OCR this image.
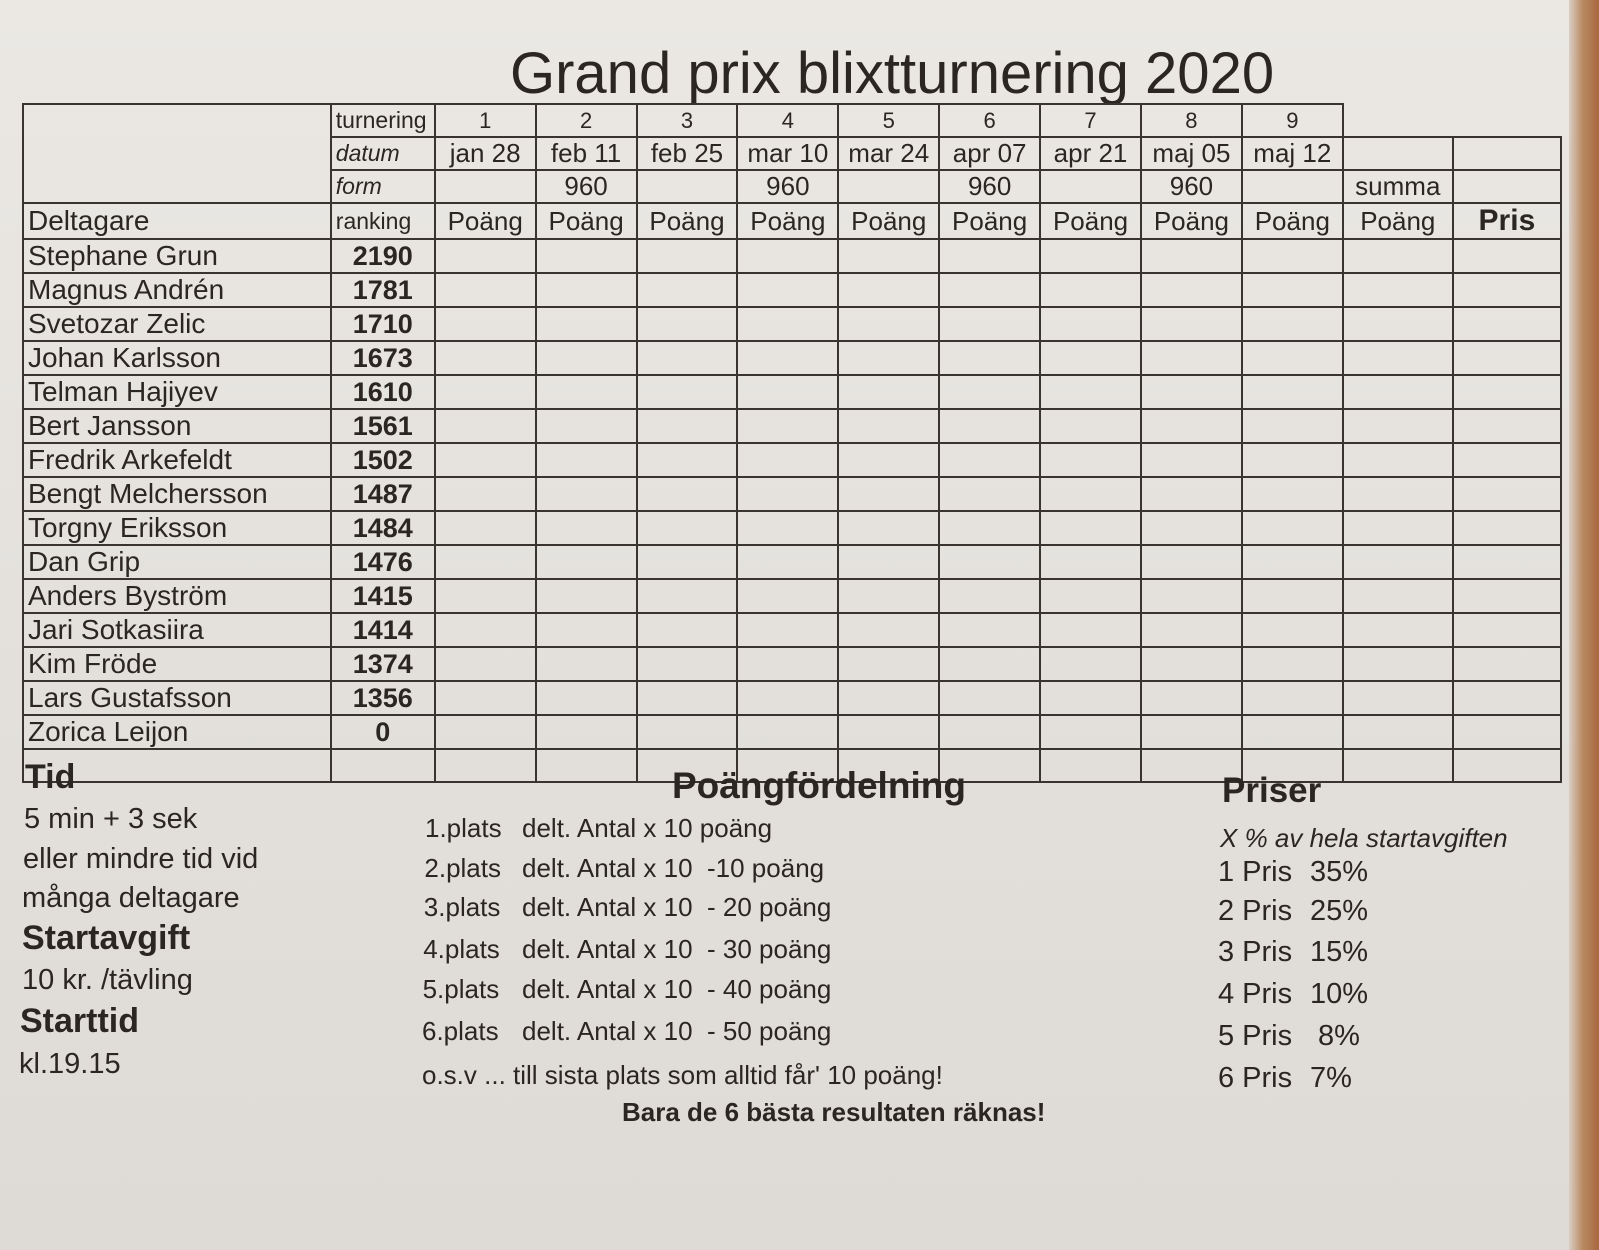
Grand prix blixtturnering 2020
	turnering	1	2	3	4	5	6	7	8	9		
	datum	jan 28	feb 11	feb 25	mar 10	mar 24	apr 07	apr 21	maj 05	maj 12		
	form		960		960		960		960		summa	
Deltagare	ranking	Poäng	Poäng	Poäng	Poäng	Poäng	Poäng	Poäng	Poäng	Poäng	Poäng	Pris
Stephane Grun	2190											
Magnus Andrén	1781											
Svetozar Zelic	1710											
Johan Karlsson	1673											
Telman Hajiyev	1610											
Bert Jansson	1561											
Fredrik Arkefeldt	1502											
Bengt Melchersson	1487											
Torgny Eriksson	1484											
Dan Grip	1476											
Anders Byström	1415											
Jari Sotkasiira	1414											
Kim Fröde	1374											
Lars Gustafsson	1356											
Zorica Leijon	0											

Tid
5 min + 3 sek
eller mindre tid vid
många deltagare
Startavgift
10 kr. /tävling
Starttid
kl.19.15
Poängfördelning
1.plats delt. Antal x 10 poäng
2.plats delt. Antal x 10  -10 poäng
3.plats delt. Antal x 10  - 20 poäng
4.plats delt. Antal x 10  - 30 poäng
5.plats delt. Antal x 10  - 40 poäng
6.plats delt. Antal x 10  - 50 poäng
o.s.v ... till sista plats som alltid får' 10 poäng!
Bara de 6 bästa resultaten räknas!
Priser
X % av hela startavgiften
1 Pris 35%
2 Pris 25%
3 Pris 15%
4 Pris 10%
5 Pris 8%
6 Pris 7%
